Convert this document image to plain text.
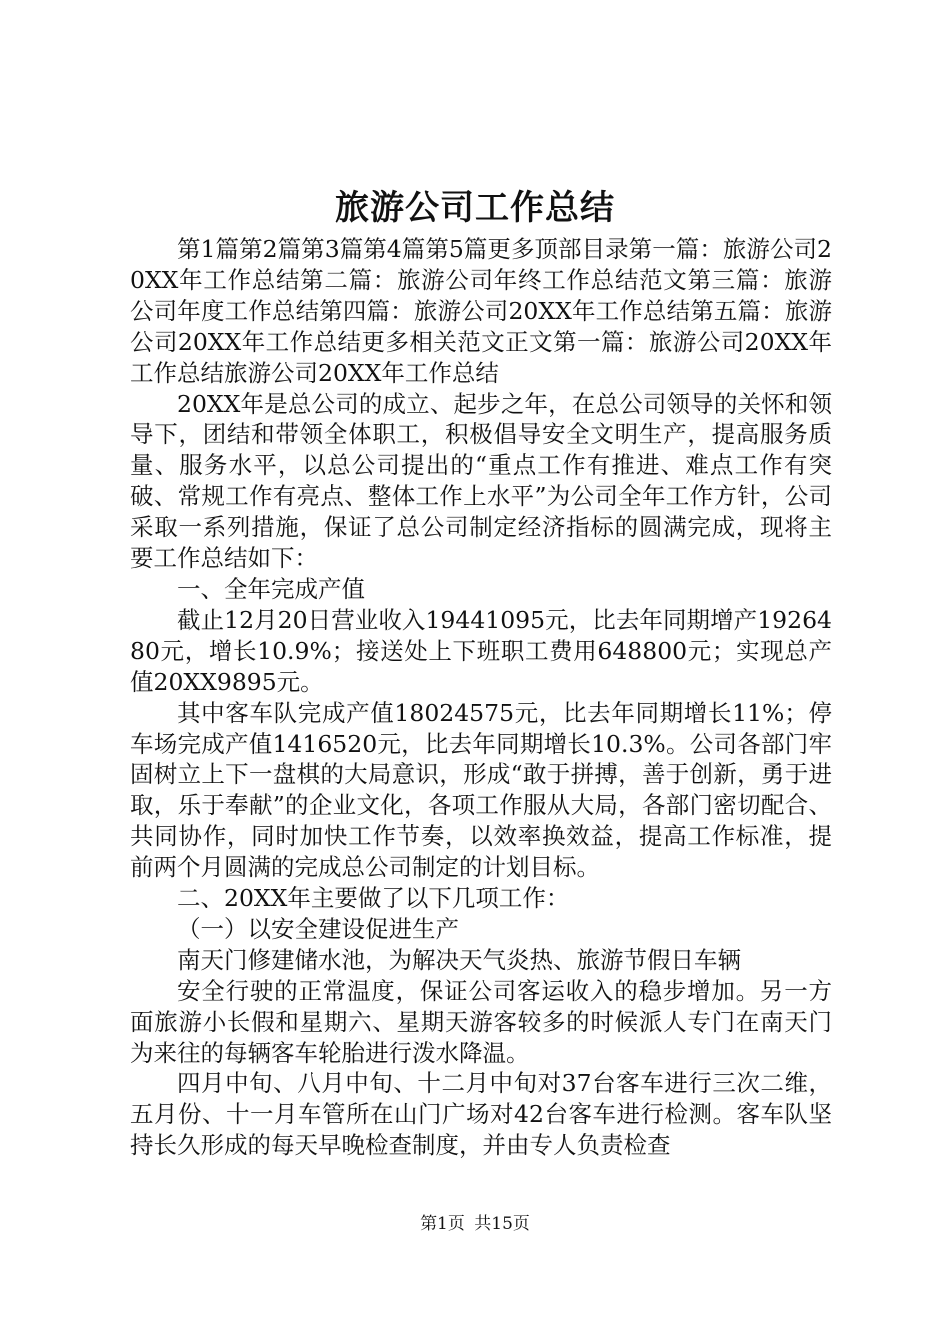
旅游公司工作总结

第1篇第2篇第3篇第4篇第5篇更多顶部目录第一篇：旅游公司20XX年工作总结第二篇：旅游公司年终工作总结范文第三篇：旅游公司年度工作总结第四篇：旅游公司20XX年工作总结第五篇：旅游公司20XX年工作总结更多相关范文正文第一篇：旅游公司20XX年工作总结旅游公司20XX年工作总结

20XX年是总公司的成立、起步之年，在总公司领导的关怀和领导下，团结和带领全体职工，积极倡导安全文明生产，提高服务质量、服务水平，以总公司提出的“重点工作有推进、难点工作有突破、常规工作有亮点、整体工作上水平”为公司全年工作方针，公司采取一系列措施，保证了总公司制定经济指标的圆满完成，现将主要工作总结如下：

一、全年完成产值

截止12月20日营业收入19441095元，比去年同期增产1926480元，增长10.9%；接送处上下班职工费用648800元；实现总产值20XX9895元。

其中客车队完成产值18024575元，比去年同期增长11%；停车场完成产值1416520元，比去年同期增长10.3%。公司各部门牢固树立上下一盘棋的大局意识，形成“敢于拼搏，善于创新，勇于进取，乐于奉献”的企业文化，各项工作服从大局，各部门密切配合、共同协作，同时加快工作节奏，以效率换效益，提高工作标准，提前两个月圆满的完成总公司制定的计划目标。

二、20XX年主要做了以下几项工作：

（一）以安全建设促进生产

南天门修建储水池，为解决天气炎热、旅游节假日车辆

安全行驶的正常温度，保证公司客运收入的稳步增加。另一方面旅游小长假和星期六、星期天游客较多的时候派人专门在南天门为来往的每辆客车轮胎进行泼水降温。

四月中旬、八月中旬、十二月中旬对37台客车进行三次二维，五月份、十一月车管所在山门广场对42台客车进行检测。客车队坚持长久形成的每天早晚检查制度，并由专人负责检查

第1页 共15页
